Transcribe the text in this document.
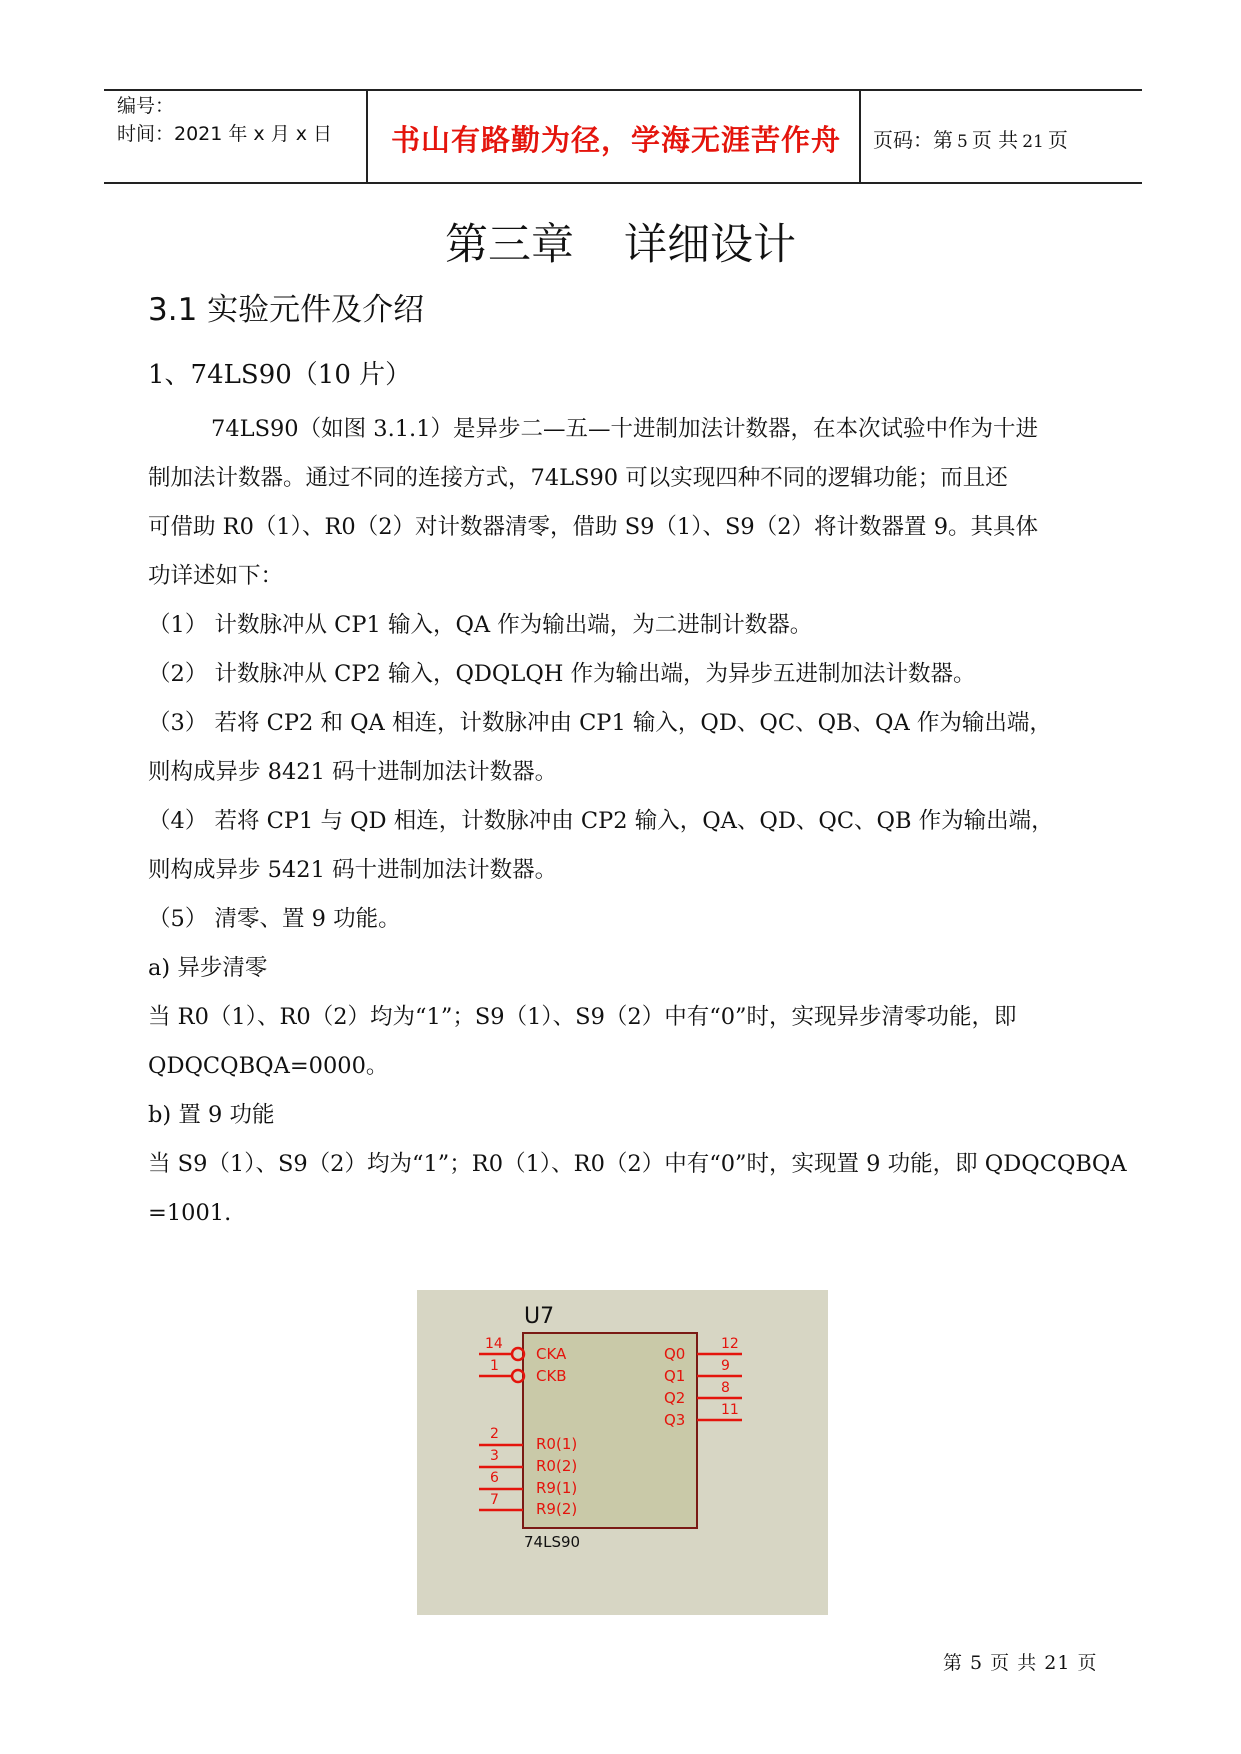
编号：
时间：2021 年 x 月 x 日	书山有路勤为径，学海无涯苦作舟	页码：第 5 页 共 21 页
第三章 详细设计
3.1 实验元件及介绍
1、74LS90（10 片）

74LS90（如图 3.1.1）是异步二—五—十进制加法计数器，在本次试验中作为十进

制加法计数器。通过不同的连接方式，74LS90 可以实现四种不同的逻辑功能；而且还

可借助 R0（1）、R0（2）对计数器清零，借助 S9（1）、S9（2）将计数器置 9。其具体

功详述如下：

（1） 计数脉冲从 CP1 输入，QA 作为输出端，为二进制计数器。

（2） 计数脉冲从 CP2 输入，QDQLQH 作为输出端，为异步五进制加法计数器。

（3） 若将 CP2 和 QA 相连，计数脉冲由 CP1 输入，QD、QC、QB、QA 作为输出端，

则构成异步 8421 码十进制加法计数器。

（4） 若将 CP1 与 QD 相连，计数脉冲由 CP2 输入，QA、QD、QC、QB 作为输出端，

则构成异步 5421 码十进制加法计数器。

（5） 清零、置 9 功能。

a) 异步清零

当 R0（1）、R0（2）均为“1”；S9（1）、S9（2）中有“0”时，实现异步清零功能，即

QDQCQBQA=0000。

b) 置 9 功能

当 S9（1）、S9（2）均为“1”；R0（1）、R0（2）中有“0”时，实现置 9 功能，即 QDQCQBQA

=1001.

U7
74LS90
14
CKA
1
CKB
2
R0(1)
3
R0(2)
6
R9(1)
7 R9(2)
12
Q0
9
Q1
8
Q2
11
Q3
第 5 页 共 21 页
